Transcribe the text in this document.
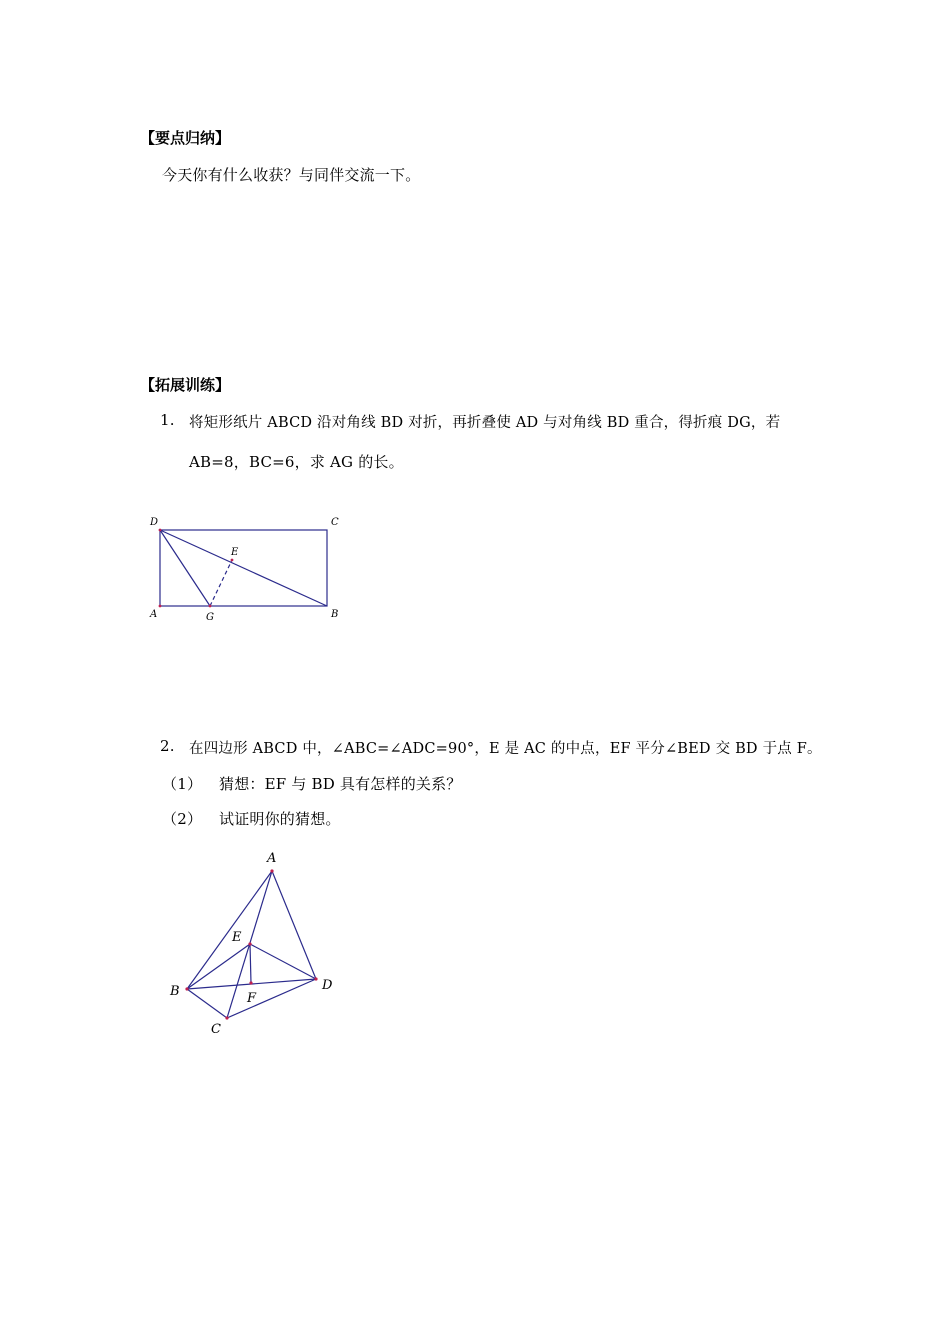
【要点归纳】
今天你有什么收获？与同伴交流一下。
【拓展训练】
1. 将矩形纸片 ABCD 沿对角线 BD 对折，再折叠使 AD 与对角线 BD 重合，得折痕 DG，若
AB=8，BC=6，求 AG 的长。
D	C
E
A	G	B
2. 在四边形 ABCD 中，∠ABC=∠ADC=90°，E 是 AC 的中点，EF 平分∠BED 交 BD 于点 F。
（1） 猜想：EF 与 BD 具有怎样的关系？
（2） 试证明你的猜想。
A
E
B	D
F
C
